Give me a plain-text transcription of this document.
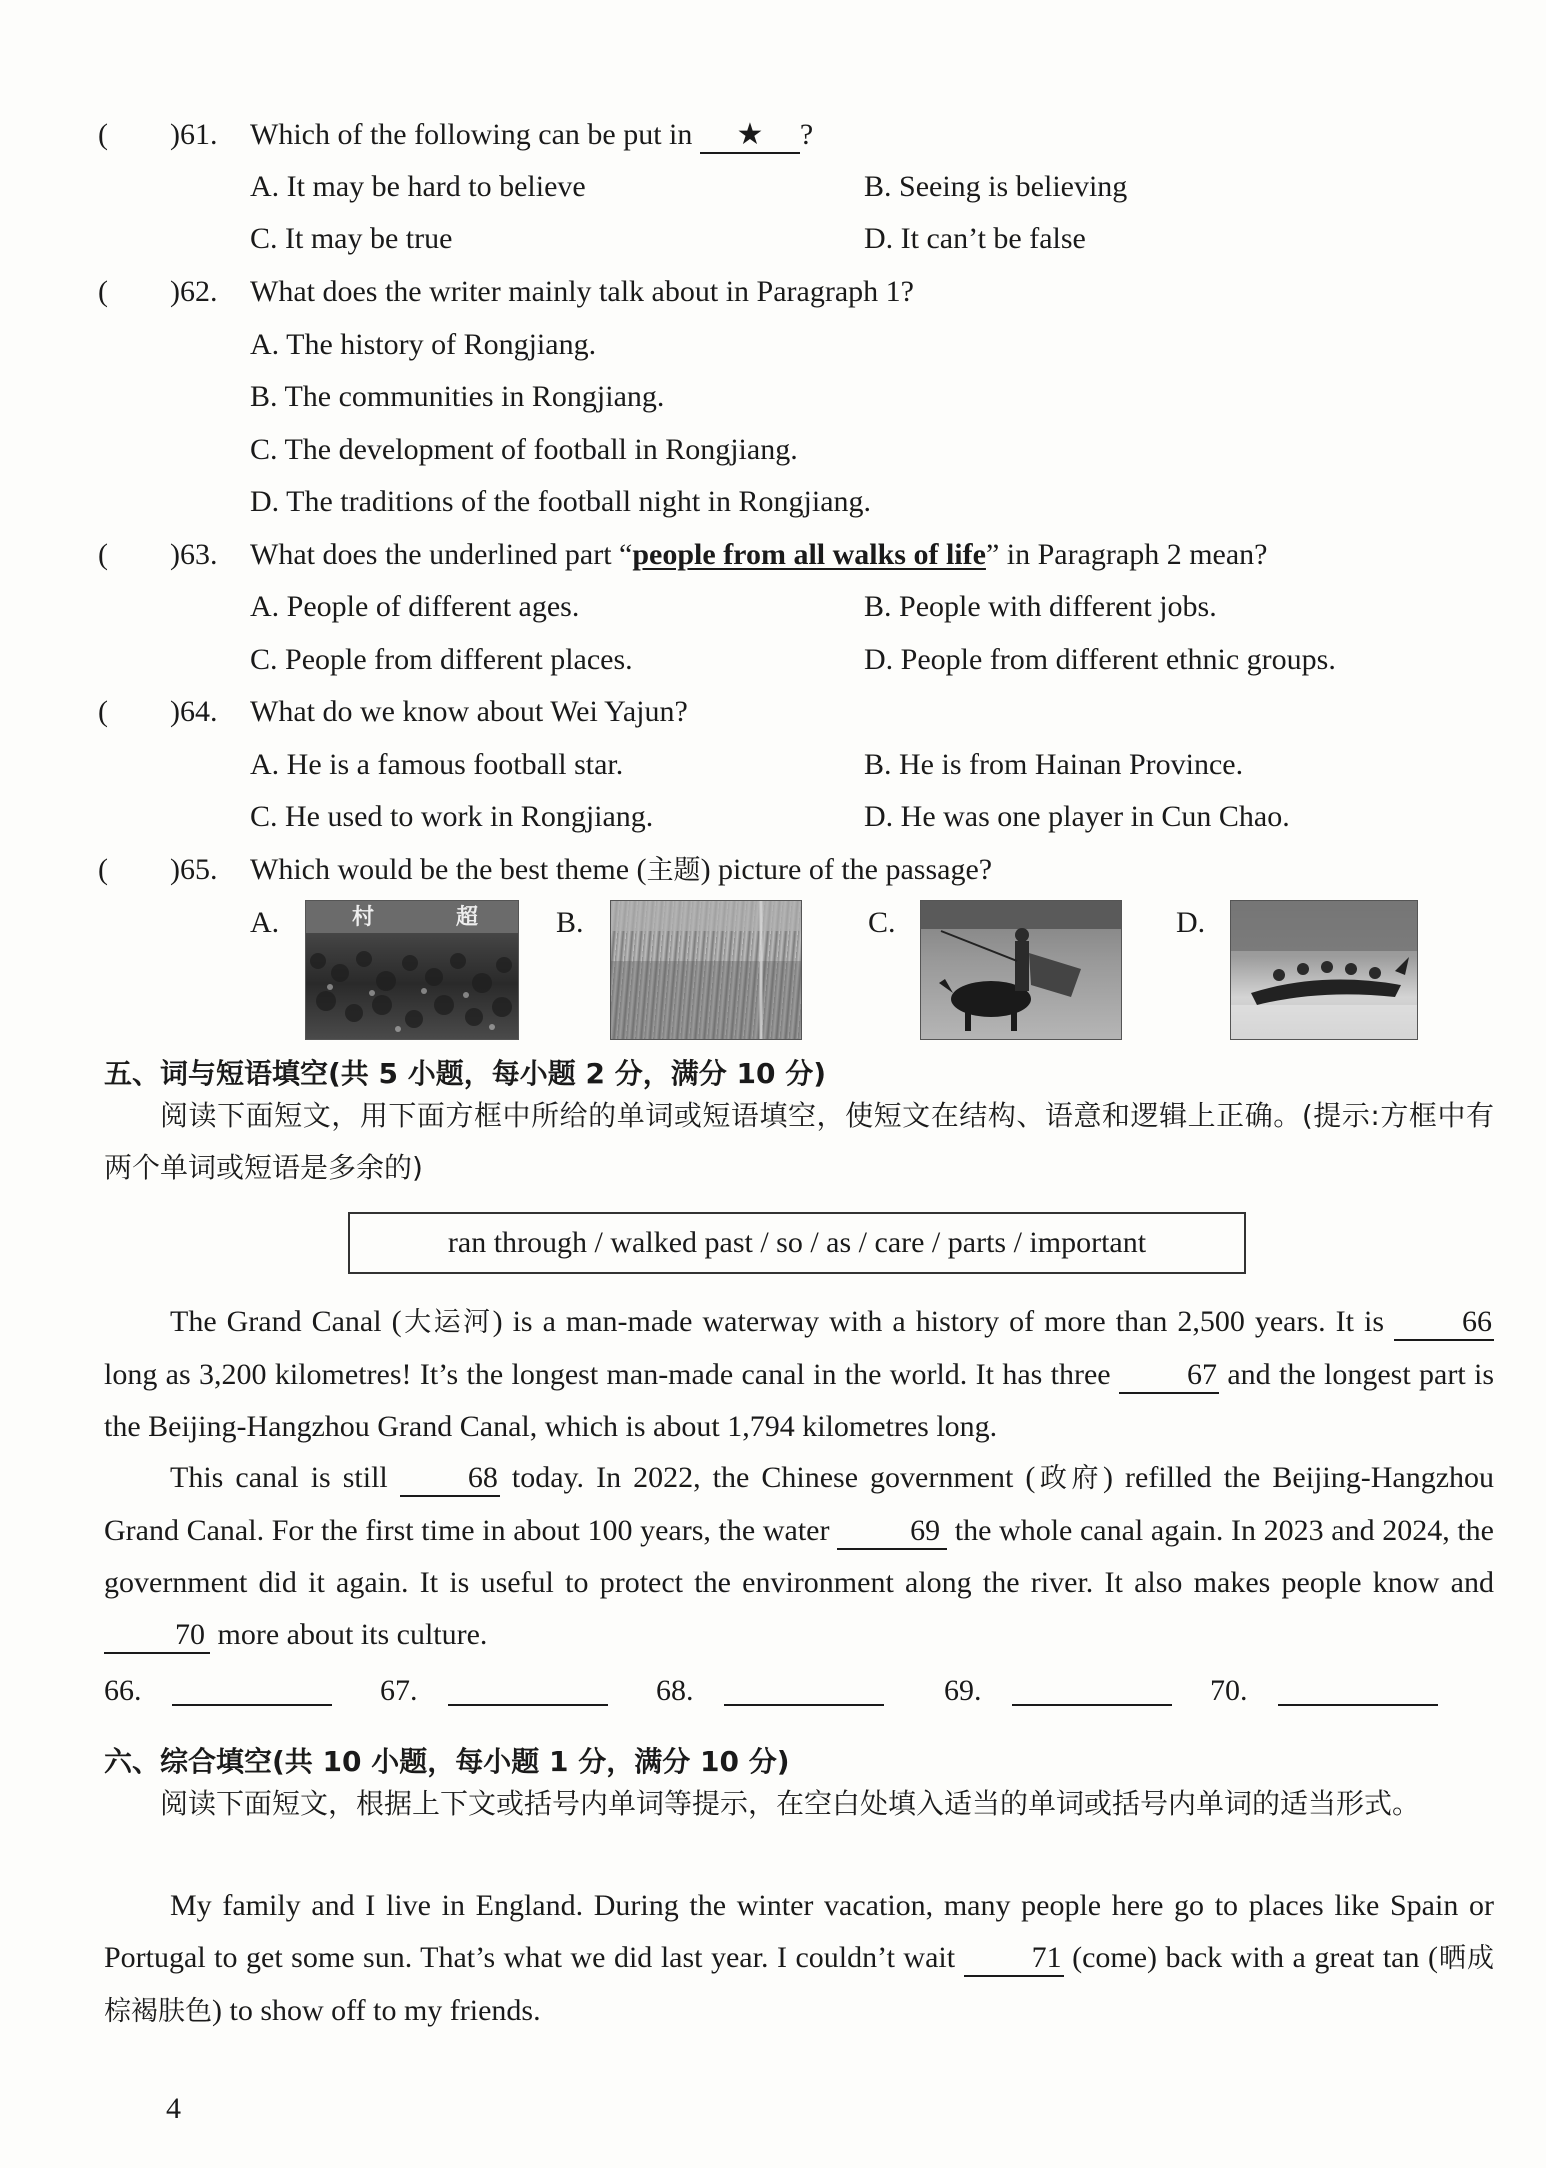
( )61. Which of the following can be put in ★ ?
A. It may be hard to believe	B. Seeing is believing
C. It may be true	D. It can’t be false
( )62. What does the writer mainly talk about in Paragraph 1?
A. The history of Rongjiang.
B. The communities in Rongjiang.
C. The development of football in Rongjiang.
D. The traditions of the football night in Rongjiang.
( )63. What does the underlined part “people from all walks of life” in Paragraph 2 mean?
A. People of different ages.	B. People with different jobs.
C. People from different places.	D. People from different ethnic groups.
( )64. What do we know about Wei Yajun?
A. He is a famous football star.	B. He is from Hainan Province.
C. He used to work in Rongjiang.	D. He was one player in Cun Chao.
( )65. Which would be the best theme (主题) picture of the passage?
A.	村	超	B.	C.	D.
五、词与短语填空(共 5 小题，每小题 2 分，满分 10 分)
阅读下面短文，用下面方框中所给的单词或短语填空，使短文在结构、语意和逻辑上正确。(提示:方框中有两个单词或短语是多余的)
ran through / walked past / so / as / care / parts / important
The Grand Canal (大运河) is a man-made waterway with a history of more than 2,500 years. It is 66 long as 3,200 kilometres! It’s the longest man-made canal in the world. It has three 67 and the longest part is the Beijing-Hangzhou Grand Canal, which is about 1,794 kilometres long.
This canal is still 68 today. In 2022, the Chinese government (政府) refilled the Beijing-Hangzhou Grand Canal. For the first time in about 100 years, the water 69 the whole canal again. In 2023 and 2024, the government did it again. It is useful to protect the environment along the river. It also makes people know and 70 more about its culture.
66.	67.	68.	69.	70.
六、综合填空(共 10 小题，每小题 1 分，满分 10 分)
阅读下面短文，根据上下文或括号内单词等提示，在空白处填入适当的单词或括号内单词的适当形式。
My family and I live in England. During the winter vacation, many people here go to places like Spain or Portugal to get some sun. That’s what we did last year. I couldn’t wait 71 (come) back with a great tan (晒成棕褐肤色) to show off to my friends.
4
